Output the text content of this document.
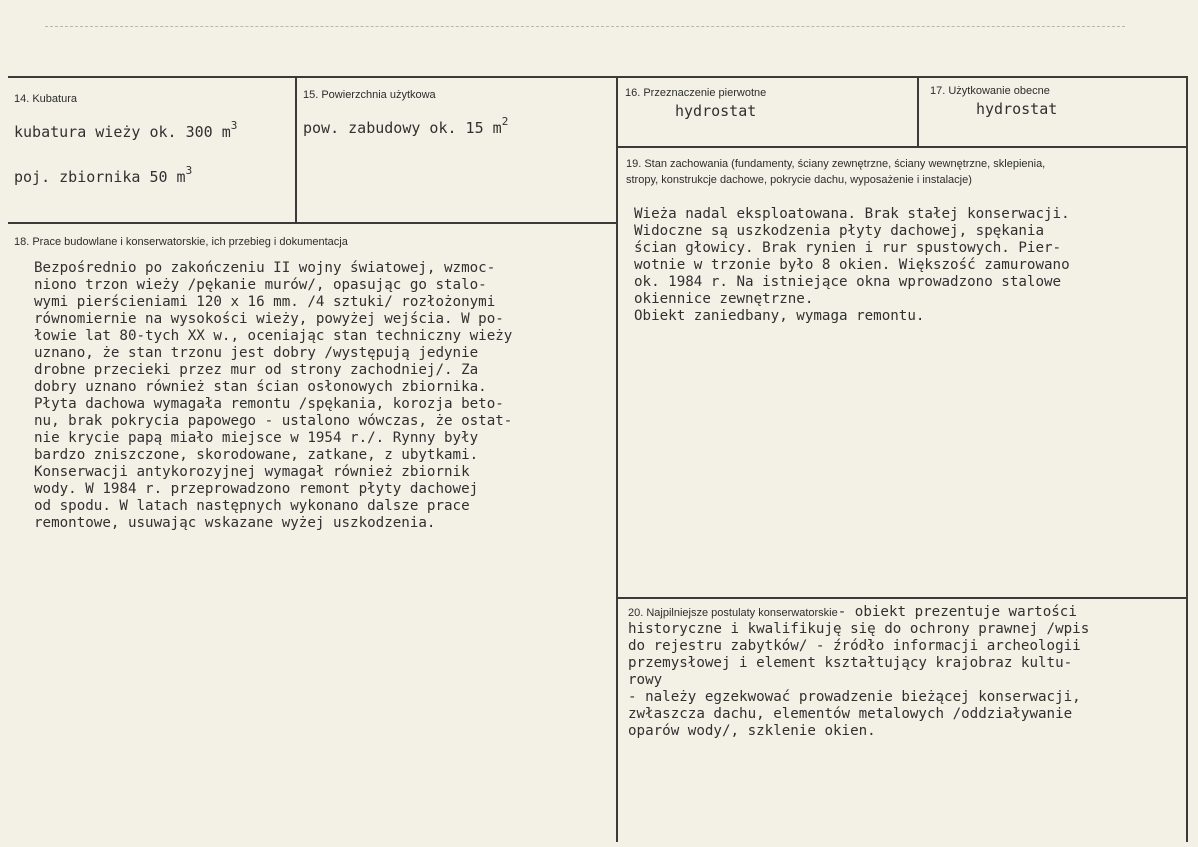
14. Kubatura
kubatura wieży ok. 300 $m^3$
poj. zbiornika 50 $m^3$
15. Powierzchnia użytkowa
pow. zabudowy ok. 15 $m^2$
16. Przeznaczenie pierwotne
hydrostat
17. Użytkowanie obecne
hydrostat
18. Prace budowlane i konserwatorskie, ich przebieg i dokumentacja
Bezpośrednio po zakończeniu II wojny światowej, wzmoc-
niono trzon wieży /pękanie murów/, opasując go stalo-
wymi pierścieniami 120 x 16 mm. /4 sztuki/ rozłożonymi
równomiernie na wysokości wieży, powyżej wejścia. W po-
łowie lat 80-tych XX w., oceniając stan techniczny wieży
uznano, że stan trzonu jest dobry /występują jedynie
drobne przecieki przez mur od strony zachodniej/. Za
dobry uznano również stan ścian osłonowych zbiornika.
Płyta dachowa wymagała remontu /spękania, korozja beto-
nu, brak pokrycia papowego - ustalono wówczas, że ostat-
nie krycie papą miało miejsce w 1954 r./. Rynny były
bardzo zniszczone, skorodowane, zatkane, z ubytkami.
Konserwacji antykorozyjnej wymagał również zbiornik
wody. W 1984 r. przeprowadzono remont płyty dachowej
od spodu. W latach następnych wykonano dalsze prace
remontowe, usuwając wskazane wyżej uszkodzenia.
19. Stan zachowania (fundamenty, ściany zewnętrzne, ściany wewnętrzne, sklepienia,
stropy, konstrukcje dachowe, pokrycie dachu, wyposażenie i instalacje)
Wieża nadal eksploatowana. Brak stałej konserwacji.
Widoczne są uszkodzenia płyty dachowej, spękania
ścian głowicy. Brak rynien i rur spustowych. Pier-
wotnie w trzonie było 8 okien. Większość zamurowano
ok. 1984 r. Na istniejące okna wprowadzono stalowe
okiennice zewnętrzne.
Obiekt zaniedbany, wymaga remontu.
20. Najpilniejsze postulaty konserwatorskie- obiekt prezentuje wartości
historyczne i kwalifikuję się do ochrony prawnej /wpis
do rejestru zabytków/ - źródło informacji archeologii
przemysłowej i element kształtujący krajobraz kultu-
rowy
- należy egzekwować prowadzenie bieżącej konserwacji,
zwłaszcza dachu, elementów metalowych /oddziaływanie
oparów wody/, szklenie okien.
